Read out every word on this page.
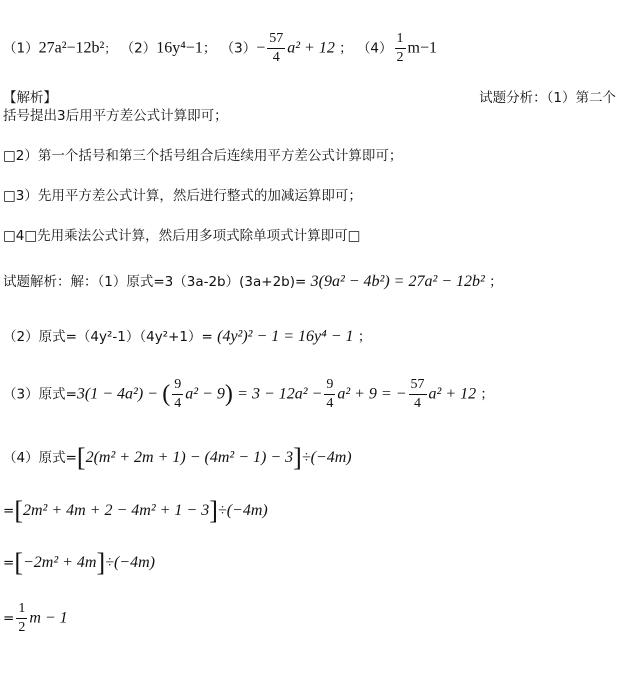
（1）27a²−12b²； （2）16y⁴−1； $(3)- \frac{57}{4} a^2 + 12$ ； $(4) \frac{1}{2} m-1$
【解析】	试题分析：（1）第二个
括号提出3后用平方差公式计算即可；
□2）第一个括号和第三个括号组合后连续用平方差公式计算即可；
□3）先用平方差公式计算，然后进行整式的加减运算即可；
□4□先用乘法公式计算，然后用多项式除单项式计算即可□
试题解析：解：（1）原式=3（3a-2b）(3a+2b)= 3(9a² − 4b²) = 27a² − 12b² ；
（2）原式=（4y²-1）（4y²+1）= (4y²)² − 1 = 16y⁴ − 1 ；
（3）原式=3(1 − 4a²) − ( $\frac{9}{4} a^2 - 9) = 3 - 12a^2 - \frac{9}{4} a^2 + 9$ = − $\frac{57}{4} a^2 + 12$ ；
（4）原式=[2(m² + 2m + 1) − (4m² − 1) − 3]÷(−4m)
=[2m² + 4m + 2 − 4m² + 1 − 3]÷(−4m)
=[−2m² + 4m]÷(−4m)
= $\frac{1}{2}$ m − 1
